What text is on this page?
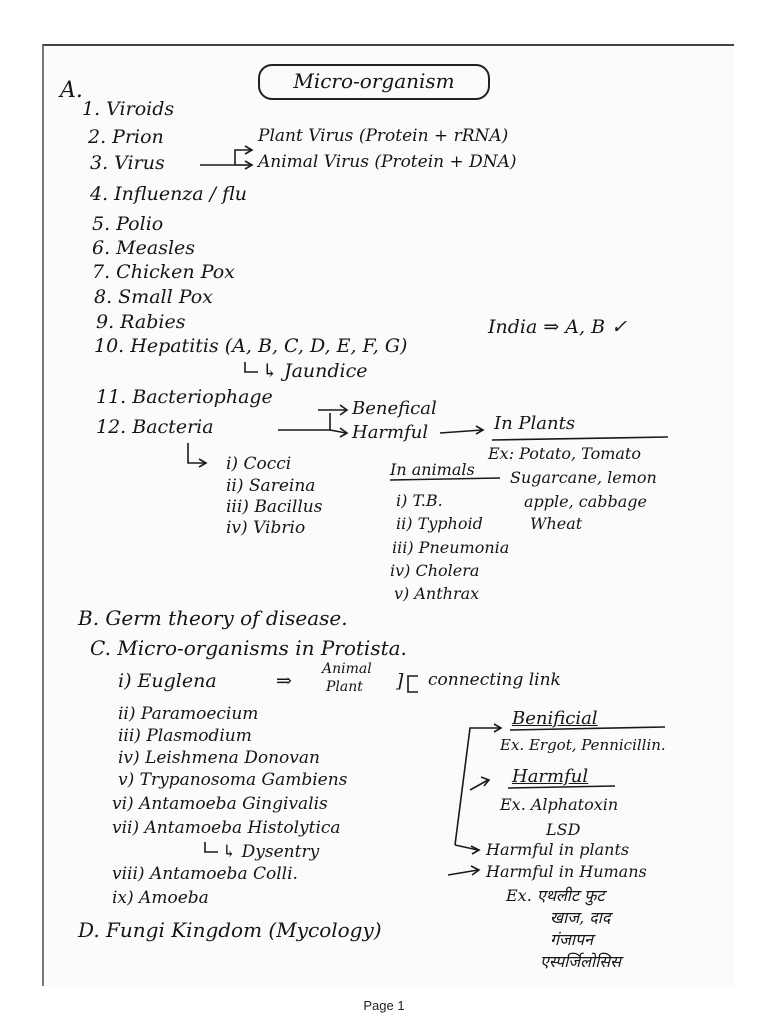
A.	Micro-organism
1. Viroids
2. Prion
3. Virus
4. Influenza / flu
5. Polio
6. Measles
7. Chicken Pox
8. Small Pox
9. Rabies
10. Hepatitis (A, B, C, D, E, F, G)
11. Bacteriophage
12. Bacteria
Plant Virus (Protein + rRNA)
Animal Virus (Protein + DNA)
India ⇒ A, B ✓
↳ Jaundice
Benefical
Harmful	In Plants
i) Cocci
ii) Sareina
iii) Bacillus
iv) Vibrio
In animals
i) T.B.
ii) Typhoid
iii) Pneumonia
iv) Cholera
v) Anthrax
Ex: Potato, Tomato
Sugarcane, lemon
apple, cabbage
Wheat
B. Germ theory of disease.
C. Micro-organisms in Protista.
i) Euglena	⇒
Animal
Plant ] connecting link
ii) Paramoecium
iii) Plasmodium
iv) Leishmena Donovan
v) Trypanosoma Gambiens
vi) Antamoeba Gingivalis
vii) Antamoeba Histolytica
↳ Dysentry
viii) Antamoeba Colli.
ix) Amoeba
Benificial
Ex. Ergot, Pennicillin.
Harmful
Ex. Alphatoxin
LSD
Harmful in plants
Harmful in Humans
Ex. एथलीट फुट
खाज, दाद
गंजापन
एस्पर्जिलोसिस
D. Fungi Kingdom (Mycology)
Page 1
